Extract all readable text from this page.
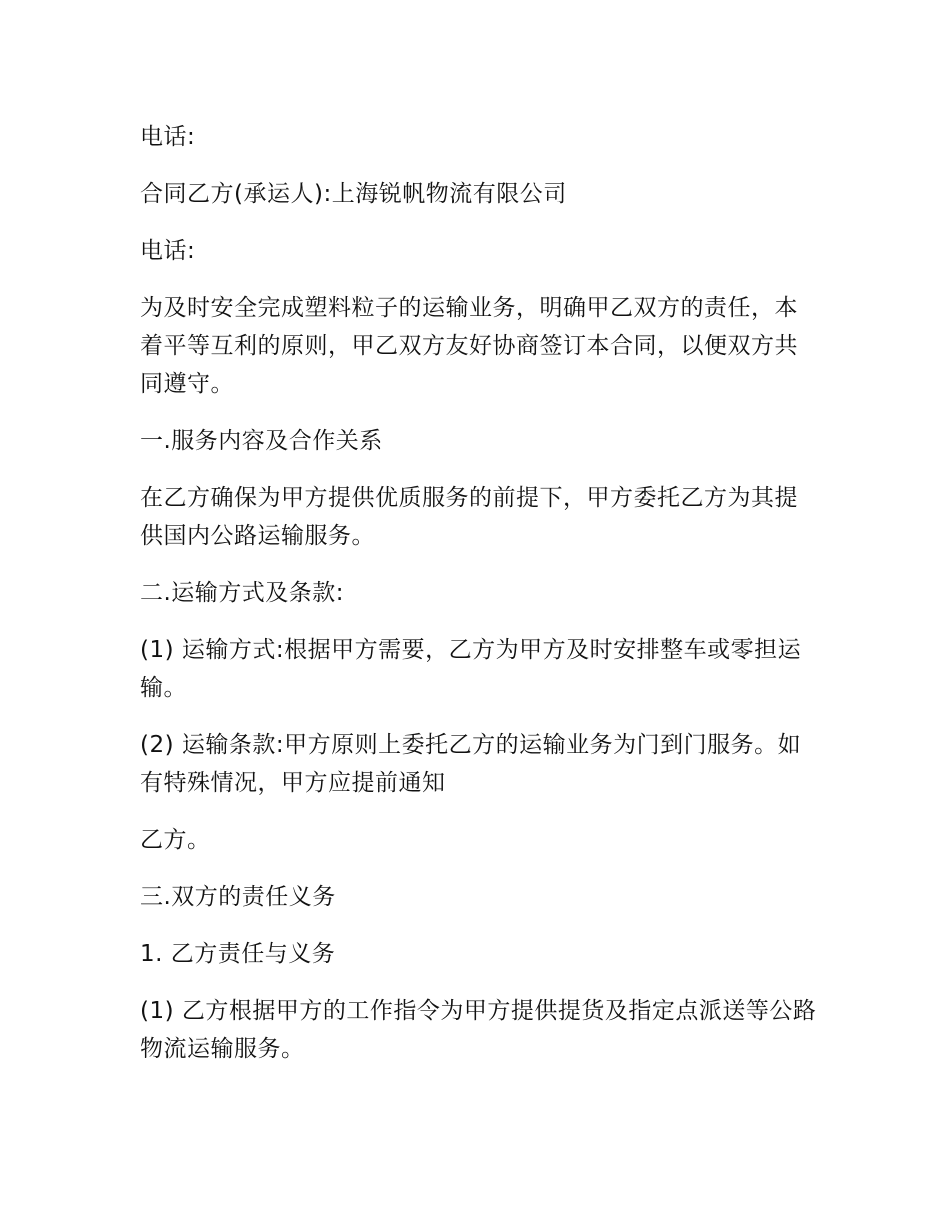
电话:

合同乙方(承运人):上海锐帆物流有限公司

电话:

为及时安全完成塑料粒子的运输业务，明确甲乙双方的责任，本着平等互利的原则，甲乙双方友好协商签订本合同，以便双方共同遵守。

一.服务内容及合作关系

在乙方确保为甲方提供优质服务的前提下，甲方委托乙方为其提供国内公路运输服务。

二.运输方式及条款:

(1) 运输方式:根据甲方需要，乙方为甲方及时安排整车或零担运输。

(2) 运输条款:甲方原则上委托乙方的运输业务为门到门服务。如有特殊情况，甲方应提前通知

乙方。

三.双方的责任义务

1. 乙方责任与义务

(1) 乙方根据甲方的工作指令为甲方提供提货及指定点派送等公路物流运输服务。
